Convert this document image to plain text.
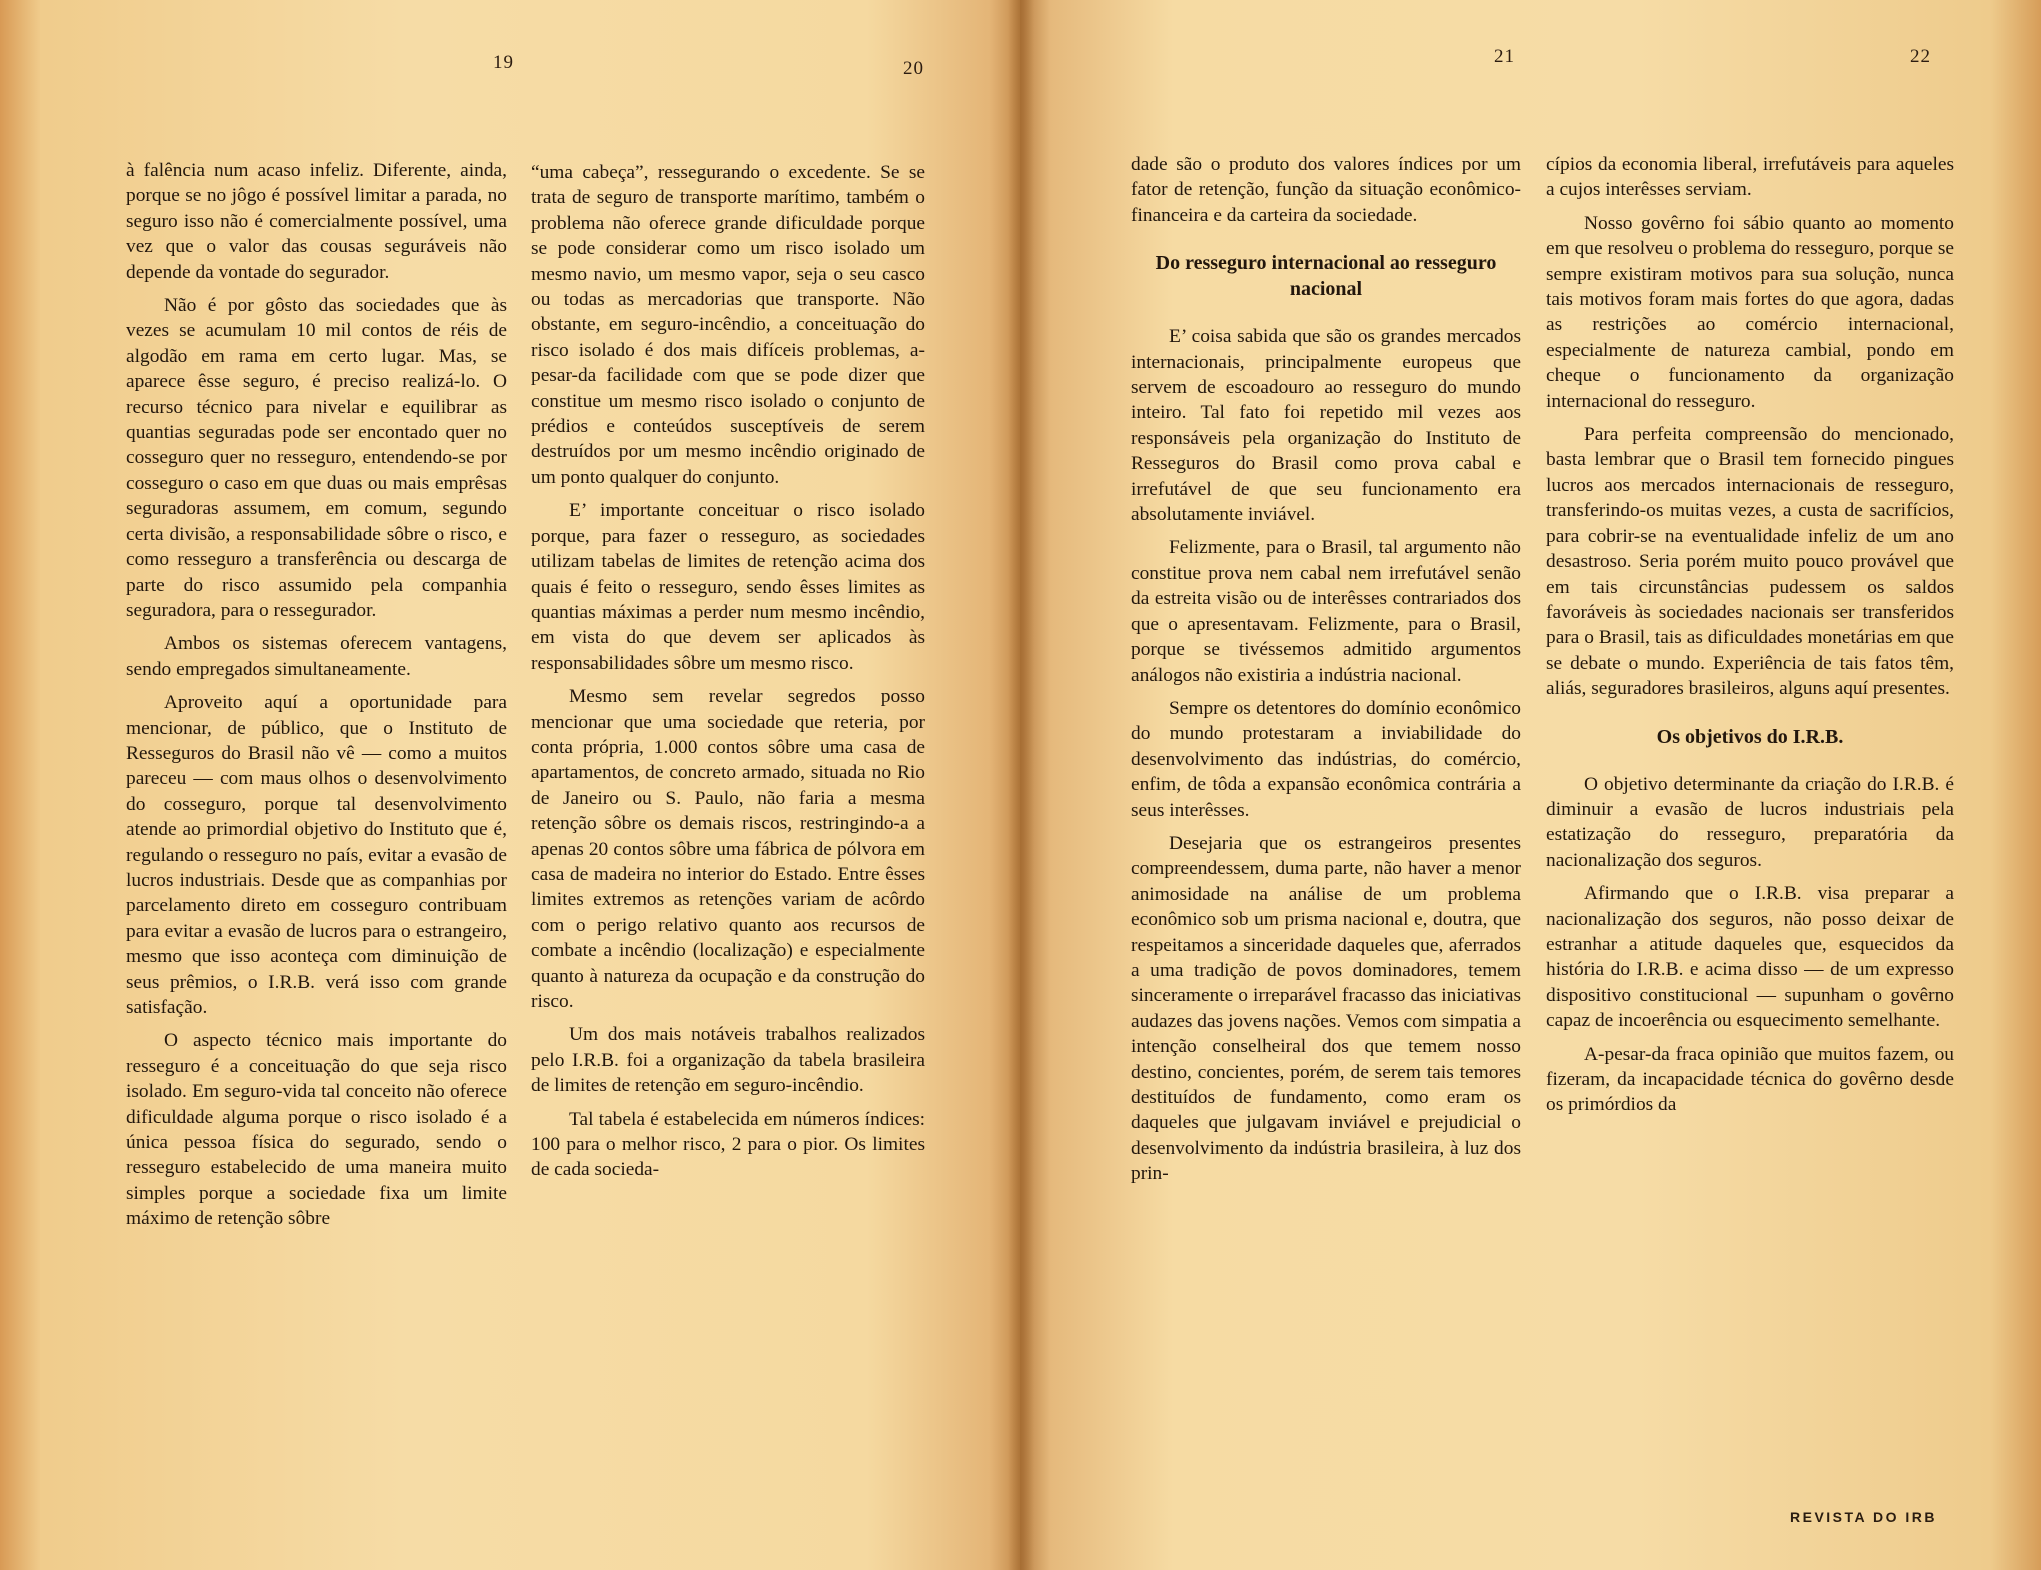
19	20
21	22

à falência num acaso infeliz. Diferente, ainda, porque se no jôgo é possível limitar a parada, no seguro isso não é comercialmente possível, uma vez que o valor das cousas seguráveis não depende da vontade do segurador.

Não é por gôsto das sociedades que às vezes se acumulam 10 mil contos de réis de algodão em rama em certo lugar. Mas, se aparece êsse seguro, é preciso realizá-lo. O recurso técnico para nivelar e equilibrar as quantias seguradas pode ser encontado quer no cosseguro quer no resseguro, entendendo-se por cosseguro o caso em que duas ou mais emprêsas seguradoras assumem, em comum, segundo certa divisão, a responsabilidade sôbre o risco, e como resseguro a transferência ou descarga de parte do risco assumido pela companhia seguradora, para o ressegurador.

Ambos os sistemas oferecem vantagens, sendo empregados simultaneamente.

Aproveito aquí a oportunidade para mencionar, de público, que o Instituto de Resseguros do Brasil não vê — como a muitos pareceu — com maus olhos o desenvolvimento do cosseguro, porque tal desenvolvimento atende ao primordial objetivo do Instituto que é, regulando o resseguro no país, evitar a evasão de lucros industriais. Desde que as companhias por parcelamento direto em cosseguro contribuam para evitar a evasão de lucros para o estrangeiro, mesmo que isso aconteça com diminuição de seus prêmios, o I.R.B. verá isso com grande satisfação.

O aspecto técnico mais importante do resseguro é a conceituação do que seja risco isolado. Em seguro-vida tal conceito não oferece dificuldade alguma porque o risco isolado é a única pessoa física do segurado, sendo o resseguro estabelecido de uma maneira muito simples porque a sociedade fixa um limite máximo de retenção sôbre

“uma cabeça”, ressegurando o excedente. Se se trata de seguro de transporte marítimo, também o problema não oferece grande dificuldade porque se pode considerar como um risco isolado um mesmo navio, um mesmo vapor, seja o seu casco ou todas as mercadorias que transporte. Não obstante, em seguro-incêndio, a conceituação do risco isolado é dos mais difíceis problemas, a-pesar-da facilidade com que se pode dizer que constitue um mesmo risco isolado o conjunto de prédios e conteúdos susceptíveis de serem destruídos por um mesmo incêndio originado de um ponto qualquer do conjunto.

E’ importante conceituar o risco isolado porque, para fazer o resseguro, as sociedades utilizam tabelas de limites de retenção acima dos quais é feito o resseguro, sendo êsses limites as quantias máximas a perder num mesmo incêndio, em vista do que devem ser aplicados às responsabilidades sôbre um mesmo risco.

Mesmo sem revelar segredos posso mencionar que uma sociedade que reteria, por conta própria, 1.000 contos sôbre uma casa de apartamentos, de concreto armado, situada no Rio de Janeiro ou S. Paulo, não faria a mesma retenção sôbre os demais riscos, restringindo-a a apenas 20 contos sôbre uma fábrica de pólvora em casa de madeira no interior do Estado. Entre êsses limites extremos as retenções variam de acôrdo com o perigo relativo quanto aos recursos de combate a incêndio (localização) e especialmente quanto à natureza da ocupação e da construção do risco.

Um dos mais notáveis trabalhos realizados pelo I.R.B. foi a organização da tabela brasileira de limites de retenção em seguro-incêndio.

Tal tabela é estabelecida em números índices: 100 para o melhor risco, 2 para o pior. Os limites de cada socieda-

dade são o produto dos valores índices por um fator de retenção, função da situação econômico-financeira e da carteira da sociedade.

Do resseguro internacional ao resseguro nacional

E’ coisa sabida que são os grandes mercados internacionais, principalmente europeus que servem de escoadouro ao resseguro do mundo inteiro. Tal fato foi repetido mil vezes aos responsáveis pela organização do Instituto de Resseguros do Brasil como prova cabal e irrefutável de que seu funcionamento era absolutamente inviável.

Felizmente, para o Brasil, tal argumento não constitue prova nem cabal nem irrefutável senão da estreita visão ou de interêsses contrariados dos que o apresentavam. Felizmente, para o Brasil, porque se tivéssemos admitido argumentos análogos não existiria a indústria nacional.

Sempre os detentores do domínio econômico do mundo protestaram a inviabilidade do desenvolvimento das indústrias, do comércio, enfim, de tôda a expansão econômica contrária a seus interêsses.

Desejaria que os estrangeiros presentes compreendessem, duma parte, não haver a menor animosidade na análise de um problema econômico sob um prisma nacional e, doutra, que respeitamos a sinceridade daqueles que, aferrados a uma tradição de povos dominadores, temem sinceramente o irreparável fracasso das iniciativas audazes das jovens nações. Vemos com simpatia a intenção conselheiral dos que temem nosso destino, concientes, porém, de serem tais temores destituídos de fundamento, como eram os daqueles que julgavam inviável e prejudicial o desenvolvimento da indústria brasileira, à luz dos prin-

cípios da economia liberal, irrefutáveis para aqueles a cujos interêsses serviam.

Nosso govêrno foi sábio quanto ao momento em que resolveu o problema do resseguro, porque se sempre existiram motivos para sua solução, nunca tais motivos foram mais fortes do que agora, dadas as restrições ao comércio internacional, especialmente de natureza cambial, pondo em cheque o funcionamento da organização internacional do resseguro.

Para perfeita compreensão do mencionado, basta lembrar que o Brasil tem fornecido pingues lucros aos mercados internacionais de resseguro, transferindo-os muitas vezes, a custa de sacrifícios, para cobrir-se na eventualidade infeliz de um ano desastroso. Seria porém muito pouco provável que em tais circunstâncias pudessem os saldos favoráveis às sociedades nacionais ser transferidos para o Brasil, tais as dificuldades monetárias em que se debate o mundo. Experiência de tais fatos têm, aliás, seguradores brasileiros, alguns aquí presentes.

Os objetivos do I.R.B.

O objetivo determinante da criação do I.R.B. é diminuir a evasão de lucros industriais pela estatização do resseguro, preparatória da nacionalização dos seguros.

Afirmando que o I.R.B. visa preparar a nacionalização dos seguros, não posso deixar de estranhar a atitude daqueles que, esquecidos da história do I.R.B. e acima disso — de um expresso dispositivo constitucional — supunham o govêrno capaz de incoerência ou esquecimento semelhante.

A-pesar-da fraca opinião que muitos fazem, ou fizeram, da incapacidade técnica do govêrno desde os primórdios da

REVISTA DO IRB
